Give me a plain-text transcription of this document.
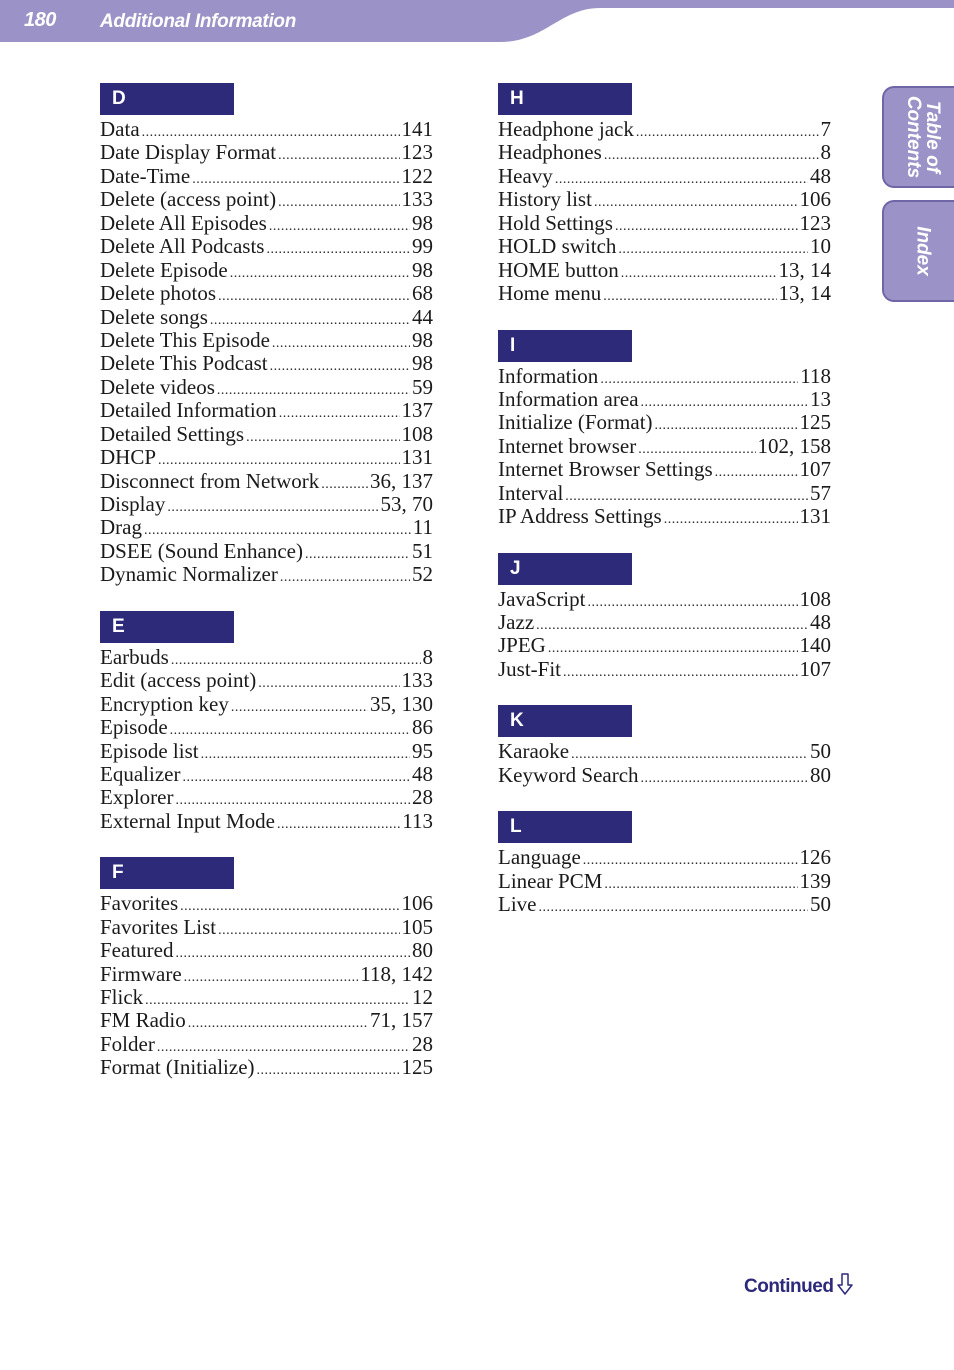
180 Additional Information
Table of
Contents
Index
D
Data .....	141
Date Display Format .....	123
Date-Time .....	122
Delete (access point) .....	133
Delete All Episodes .....	98
Delete All Podcasts .....	99
Delete Episode .....	98
Delete photos .....	68
Delete songs .....	44
Delete This Episode .....	98
Delete This Podcast .....	98
Delete videos .....	59
Detailed Information .....	137
Detailed Settings .....	108
DHCP .....	131
Disconnect from Network ..... 36, 137
Display .....	53, 70
Drag .....	11
DSEE (Sound Enhance) .....	51
Dynamic Normalizer .....	52
E
Earbuds .....	8
Edit (access point) .....	133
Encryption key .....	35, 130
Episode .....	86
Episode list .....	95
Equalizer .....	48
Explorer .....	28
External Input Mode .....	113
F
Favorites .....	106
Favorites List .....	105
Featured .....	80
Firmware .....	118, 142
Flick .....	12
FM Radio .....	71, 157
Folder .....	28
Format (Initialize) .....	125
H
Headphone jack .....	7
Headphones .....	8
Heavy .....	48
History list .....	106
Hold Settings .....	123
HOLD switch .....	10
HOME button .....	13, 14
Home menu .....	13, 14
I
Information .....	118
Information area .....	13
Initialize (Format) .....	125
Internet browser .....	102, 158
Internet Browser Settings .....	107
Interval .....	57
IP Address Settings .....	131
J
JavaScript .....	108
Jazz .....	48
JPEG .....	140
Just-Fit .....	107
K
Karaoke .....	50
Keyword Search .....	80
L
Language .....	126
Linear PCM .....	139
Live .....	50
Continued
